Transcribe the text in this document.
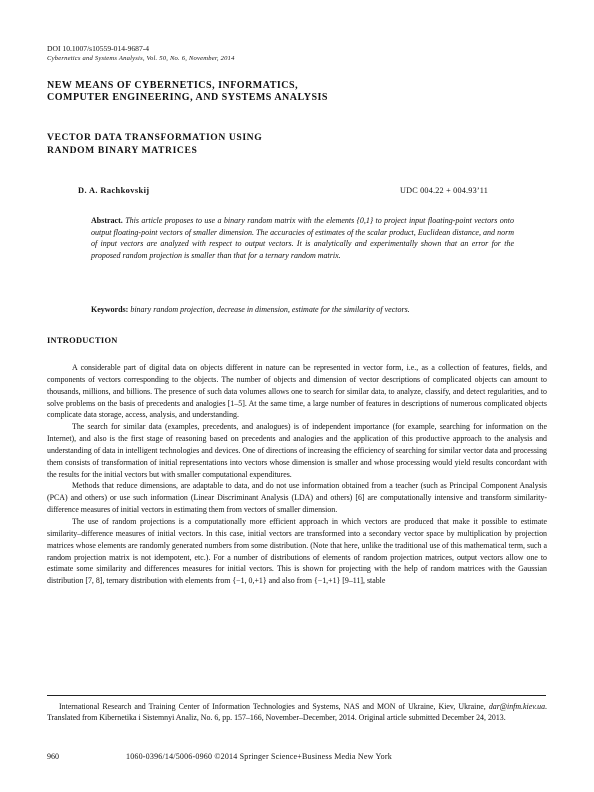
DOI 10.1007/s10559-014-9687-4
Cybernetics and Systems Analysis, Vol. 50, No. 6, November, 2014
NEW MEANS OF CYBERNETICS, INFORMATICS,
COMPUTER ENGINEERING, AND SYSTEMS ANALYSIS
VECTOR DATA TRANSFORMATION USING
RANDOM BINARY MATRICES
D. A. Rachkovskij	UDC 004.22 + 004.93’11
Abstract. This article proposes to use a binary random matrix with the elements {0,1} to project input floating-point vectors onto output floating-point vectors of smaller dimension. The accuracies of estimates of the scalar product, Euclidean distance, and norm of input vectors are analyzed with respect to output vectors. It is analytically and experimentally shown that an error for the proposed random projection is smaller than that for a ternary random matrix.
Keywords: binary random projection, decrease in dimension, estimate for the similarity of vectors.
INTRODUCTION

A considerable part of digital data on objects different in nature can be represented in vector form, i.e., as a collection of features, fields, and components of vectors corresponding to the objects. The number of objects and dimension of vector descriptions of complicated objects can amount to thousands, millions, and billions. The presence of such data volumes allows one to search for similar data, to analyze, classify, and detect regularities, and to solve problems on the basis of precedents and analogies [1–5]. At the same time, a large number of features in descriptions of numerous complicated objects complicate data storage, access, analysis, and understanding.

The search for similar data (examples, precedents, and analogues) is of independent importance (for example, searching for information on the Internet), and also is the first stage of reasoning based on precedents and analogies and the application of this productive approach to the analysis and understanding of data in intelligent technologies and devices. One of directions of increasing the efficiency of searching for similar vector data and processing them consists of transformation of initial representations into vectors whose dimension is smaller and whose processing would yield results concordant with the results for the initial vectors but with smaller computational expenditures.

Methods that reduce dimensions, are adaptable to data, and do not use information obtained from a teacher (such as Principal Component Analysis (PCA) and others) or use such information (Linear Discriminant Analysis (LDA) and others) [6] are computationally intensive and transform similarity-difference measures of initial vectors in estimating them from vectors of smaller dimension.

The use of random projections is a computationally more efficient approach in which vectors are produced that make it possible to estimate similarity–difference measures of initial vectors. In this case, initial vectors are transformed into a secondary vector space by multiplication by projection matrices whose elements are randomly generated numbers from some distribution. (Note that here, unlike the traditional use of this mathematical term, such a random projection matrix is not idempotent, etc.). For a number of distributions of elements of random projection matrices, output vectors allow one to estimate some similarity and differences measures for initial vectors. This is shown for projecting with the help of random matrices with the Gaussian distribution [7, 8], ternary distribution with elements from {−1, 0,+1} and also from {−1,+1} [9–11], stable

International Research and Training Center of Information Technologies and Systems, NAS and MON of Ukraine, Kiev, Ukraine, dar@infm.kiev.ua. Translated from Kibernetika i Sistemnyi Analiz, No. 6, pp. 157–166, November–December, 2014. Original article submitted December 24, 2013.
960	1060-0396/14/5006-0960 ©2014 Springer Science+Business Media New York
